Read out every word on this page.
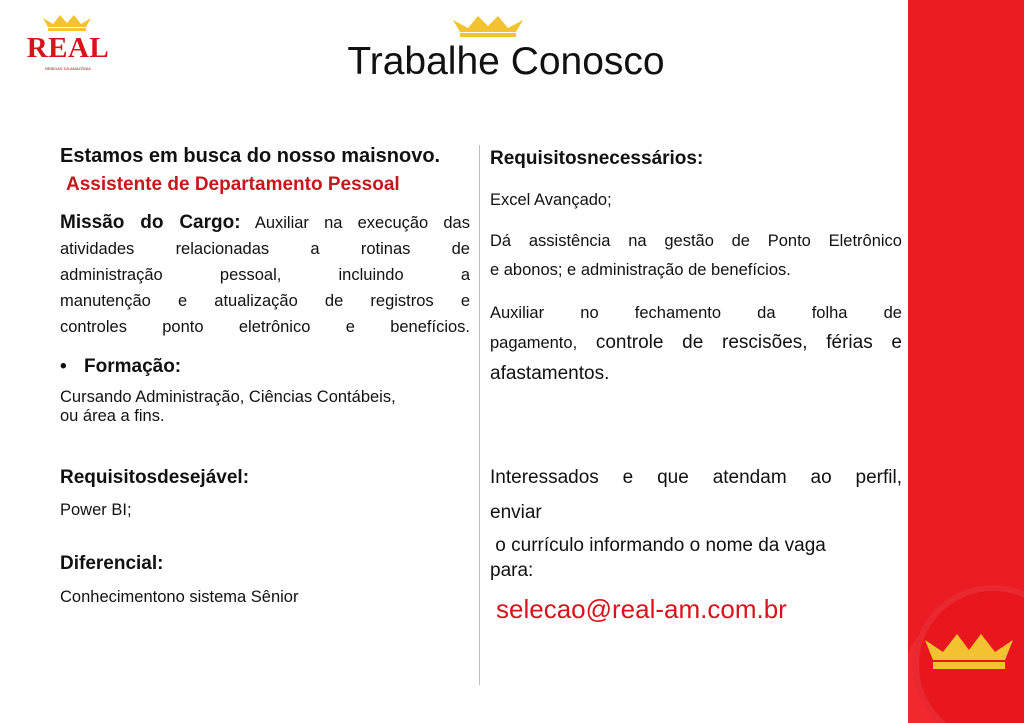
REAL
BEBIDAS DA AMAZÔNIA	Trabalhe Conosco

Estamos em busca do nosso maisnovo.

Assistente de Departamento Pessoal

Missão do Cargo: Auxiliar na execução das
atividades relacionadas a rotinas de
administração pessoal, incluindo a
manutenção e atualização de registros e
controles ponto eletrônico e benefícios.
• Formação:

Cursando Administração, Ciências Contábeis,

ou área a fins.

Requisitosdesejável:

Power BI;

Diferencial:

Conhecimentono sistema Sênior

Requisitosnecessários:

Excel Avançado;

Dá assistência na gestão de Ponto Eletrônico

e abonos; e administração de benefícios.

Auxiliar no fechamento da folha de

pagamento, controle de rescisões, férias e

afastamentos.

Interessados e que atendam ao perfil,

enviar

o currículo informando o nome da vaga

para:

selecao@real-am.com.br
